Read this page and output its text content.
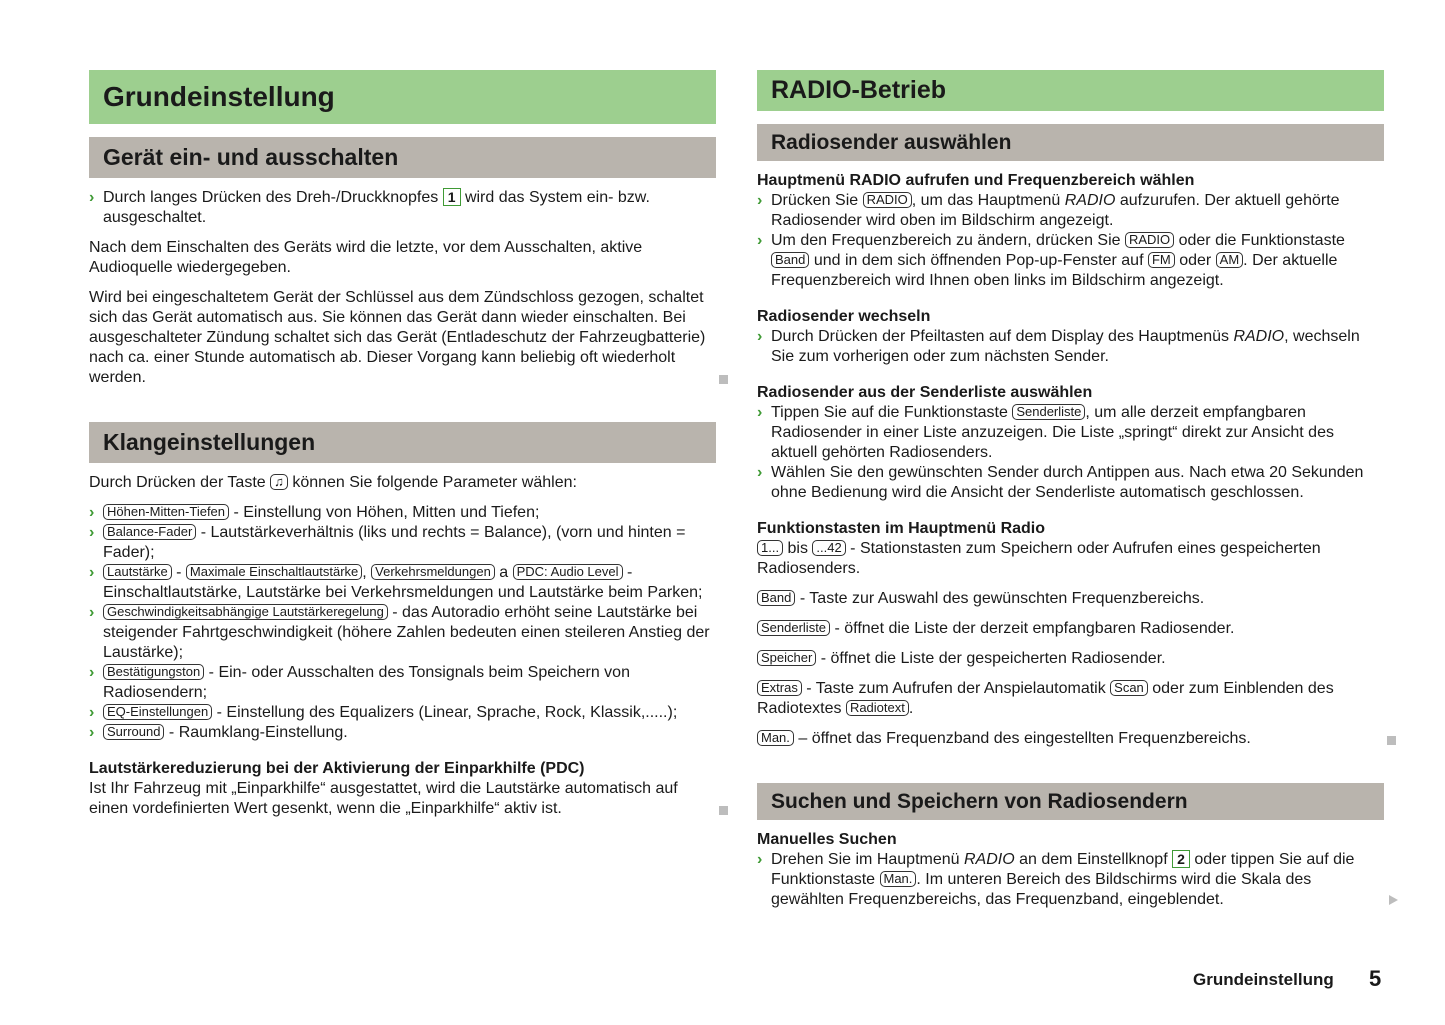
Grundeinstellung
Gerät ein- und ausschalten
› Durch langes Drücken des Dreh-/Druckknopfes 1 wird das System ein- bzw. ausgeschaltet.
Nach dem Einschalten des Geräts wird die letzte, vor dem Ausschalten, aktive Audioquelle wiedergegeben.
Wird bei eingeschaltetem Gerät der Schlüssel aus dem Zündschloss gezogen, schaltet sich das Gerät automatisch aus. Sie können das Gerät dann wieder einschalten. Bei ausgeschalteter Zündung schaltet sich das Gerät (Entladeschutz der Fahrzeugbatterie) nach ca. einer Stunde automatisch ab. Dieser Vorgang kann beliebig oft wiederholt werden.
Klangeinstellungen
Durch Drücken der Taste ♫ können Sie folgende Parameter wählen:
› Höhen-Mitten-Tiefen - Einstellung von Höhen, Mitten und Tiefen;
› Balance-Fader - Lautstärkeverhältnis (liks und rechts = Balance), (vorn und hinten = Fader);
› Lautstärke - Maximale Einschaltlautstärke , Verkehrsmeldungen a PDC: Audio Level - Einschaltlautstärke, Lautstärke bei Verkehrsmeldungen und Lautstärke beim Parken;
› Geschwindigkeitsabhängige Lautstärkeregelung - das Autoradio erhöht seine Lautstärke bei steigender Fahrtgeschwindigkeit (höhere Zahlen bedeuten einen steileren Anstieg der Laustärke);
› Bestätigungston - Ein- oder Ausschalten des Tonsignals beim Speichern von Radiosendern;
› EQ-Einstellungen - Einstellung des Equalizers (Linear, Sprache, Rock, Klassik,.....);
› Surround - Raumklang-Einstellung.
Lautstärkereduzierung bei der Aktivierung der Einparkhilfe (PDC)
Ist Ihr Fahrzeug mit „Einparkhilfe“ ausgestattet, wird die Lautstärke automatisch auf einen vordefinierten Wert gesenkt, wenn die „Einparkhilfe“ aktiv ist.
RADIO-Betrieb
Radiosender auswählen
Hauptmenü RADIO aufrufen und Frequenzbereich wählen
› Drücken Sie RADIO , um das Hauptmenü RADIO aufzurufen. Der aktuell gehörte Radiosender wird oben im Bildschirm angezeigt.
› Um den Frequenzbereich zu ändern, drücken Sie RADIO oder die Funktionstaste Band und in dem sich öffnenden Pop-up-Fenster auf FM oder AM . Der aktuelle Frequenzbereich wird Ihnen oben links im Bildschirm angezeigt.
Radiosender wechseln
› Durch Drücken der Pfeiltasten auf dem Display des Hauptmenüs RADIO, wechseln Sie zum vorherigen oder zum nächsten Sender.
Radiosender aus der Senderliste auswählen
› Tippen Sie auf die Funktionstaste Senderliste , um alle derzeit empfangbaren Radiosender in einer Liste anzuzeigen. Die Liste „springt“ direkt zur Ansicht des aktuell gehörten Radiosenders.
› Wählen Sie den gewünschten Sender durch Antippen aus. Nach etwa 20 Sekunden ohne Bedienung wird die Ansicht der Senderliste automatisch geschlossen.
Funktionstasten im Hauptmenü Radio
1... bis ...42 - Stationstasten zum Speichern oder Aufrufen eines gespeicherten Radiosenders.
Band - Taste zur Auswahl des gewünschten Frequenzbereichs.
Senderliste - öffnet die Liste der derzeit empfangbaren Radiosender.
Speicher - öffnet die Liste der gespeicherten Radiosender.
Extras - Taste zum Aufrufen der Anspielautomatik Scan oder zum Einblenden des Radiotextes Radiotext .
Man. – öffnet das Frequenzband des eingestellten Frequenzbereichs.
Suchen und Speichern von Radiosendern
Manuelles Suchen
› Drehen Sie im Hauptmenü RADIO an dem Einstellknopf 2 oder tippen Sie auf die Funktionstaste Man. . Im unteren Bereich des Bildschirms wird die Skala des gewählten Frequenzbereichs, das Frequenzband, eingeblendet.
Grundeinstellung 5
